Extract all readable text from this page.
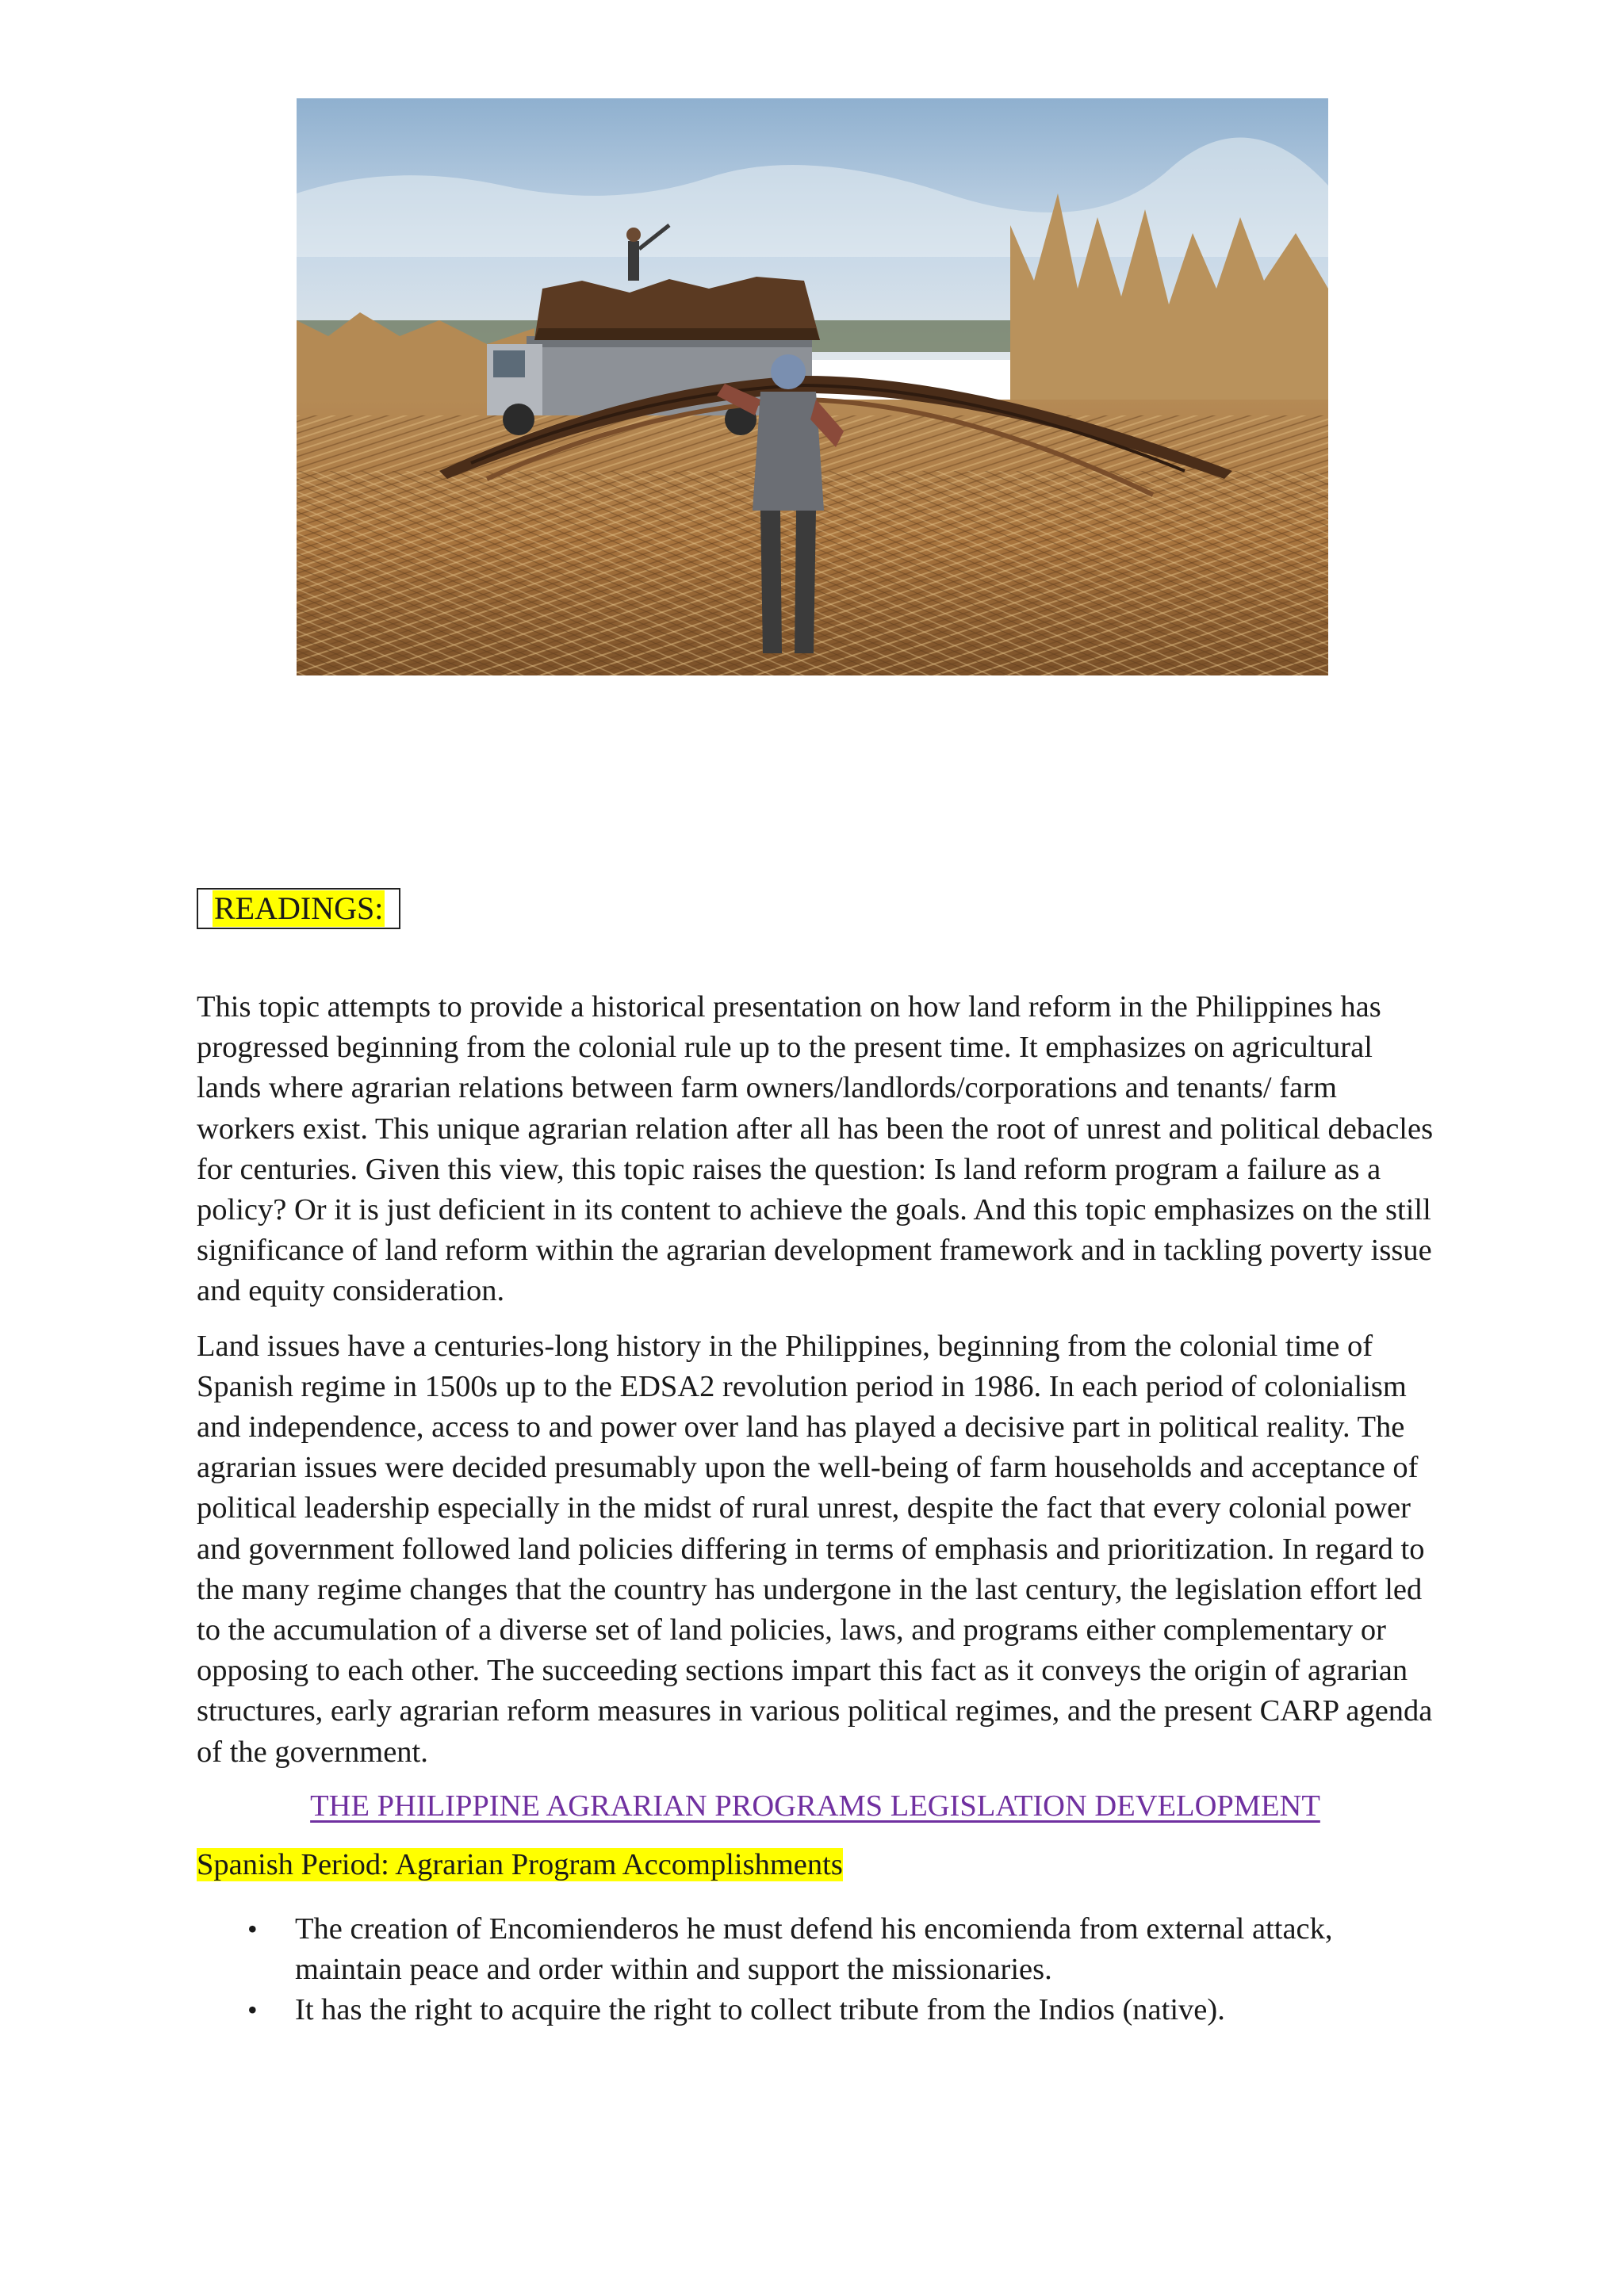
READINGS:

This topic attempts to provide a historical presentation on how land reform in the Philippines has progressed beginning from the colonial rule up to the present time. It emphasizes on agricultural lands where agrarian relations between farm owners/landlords/corporations and tenants/ farm workers exist. This unique agrarian relation after all has been the root of unrest and political debacles for centuries. Given this view, this topic raises the question: Is land reform program a failure as a policy? Or it is just deficient in its content to achieve the goals. And this topic emphasizes on the still significance of land reform within the agrarian development framework and in tackling poverty issue and equity consideration.

Land issues have a centuries-long history in the Philippines, beginning from the colonial time of Spanish regime in 1500s up to the EDSA2 revolution period in 1986. In each period of colonialism and independence, access to and power over land has played a decisive part in political reality. The agrarian issues were decided presumably upon the well-being of farm households and acceptance of political leadership especially in the midst of rural unrest, despite the fact that every colonial power and government followed land policies differing in terms of emphasis and prioritization. In regard to the many regime changes that the country has undergone in the last century, the legislation effort led to the accumulation of a diverse set of land policies, laws, and programs either complementary or opposing to each other. The succeeding sections impart this fact as it conveys the origin of agrarian structures, early agrarian reform measures in various political regimes, and the present CARP agenda of the government.

THE PHILIPPINE AGRARIAN PROGRAMS LEGISLATION DEVELOPMENT
Spanish Period: Agrarian Program Accomplishments
• The creation of Encomienderos he must defend his encomienda from external attack, maintain peace and order within and support the missionaries.
• It has the right to acquire the right to collect tribute from the Indios (native).
